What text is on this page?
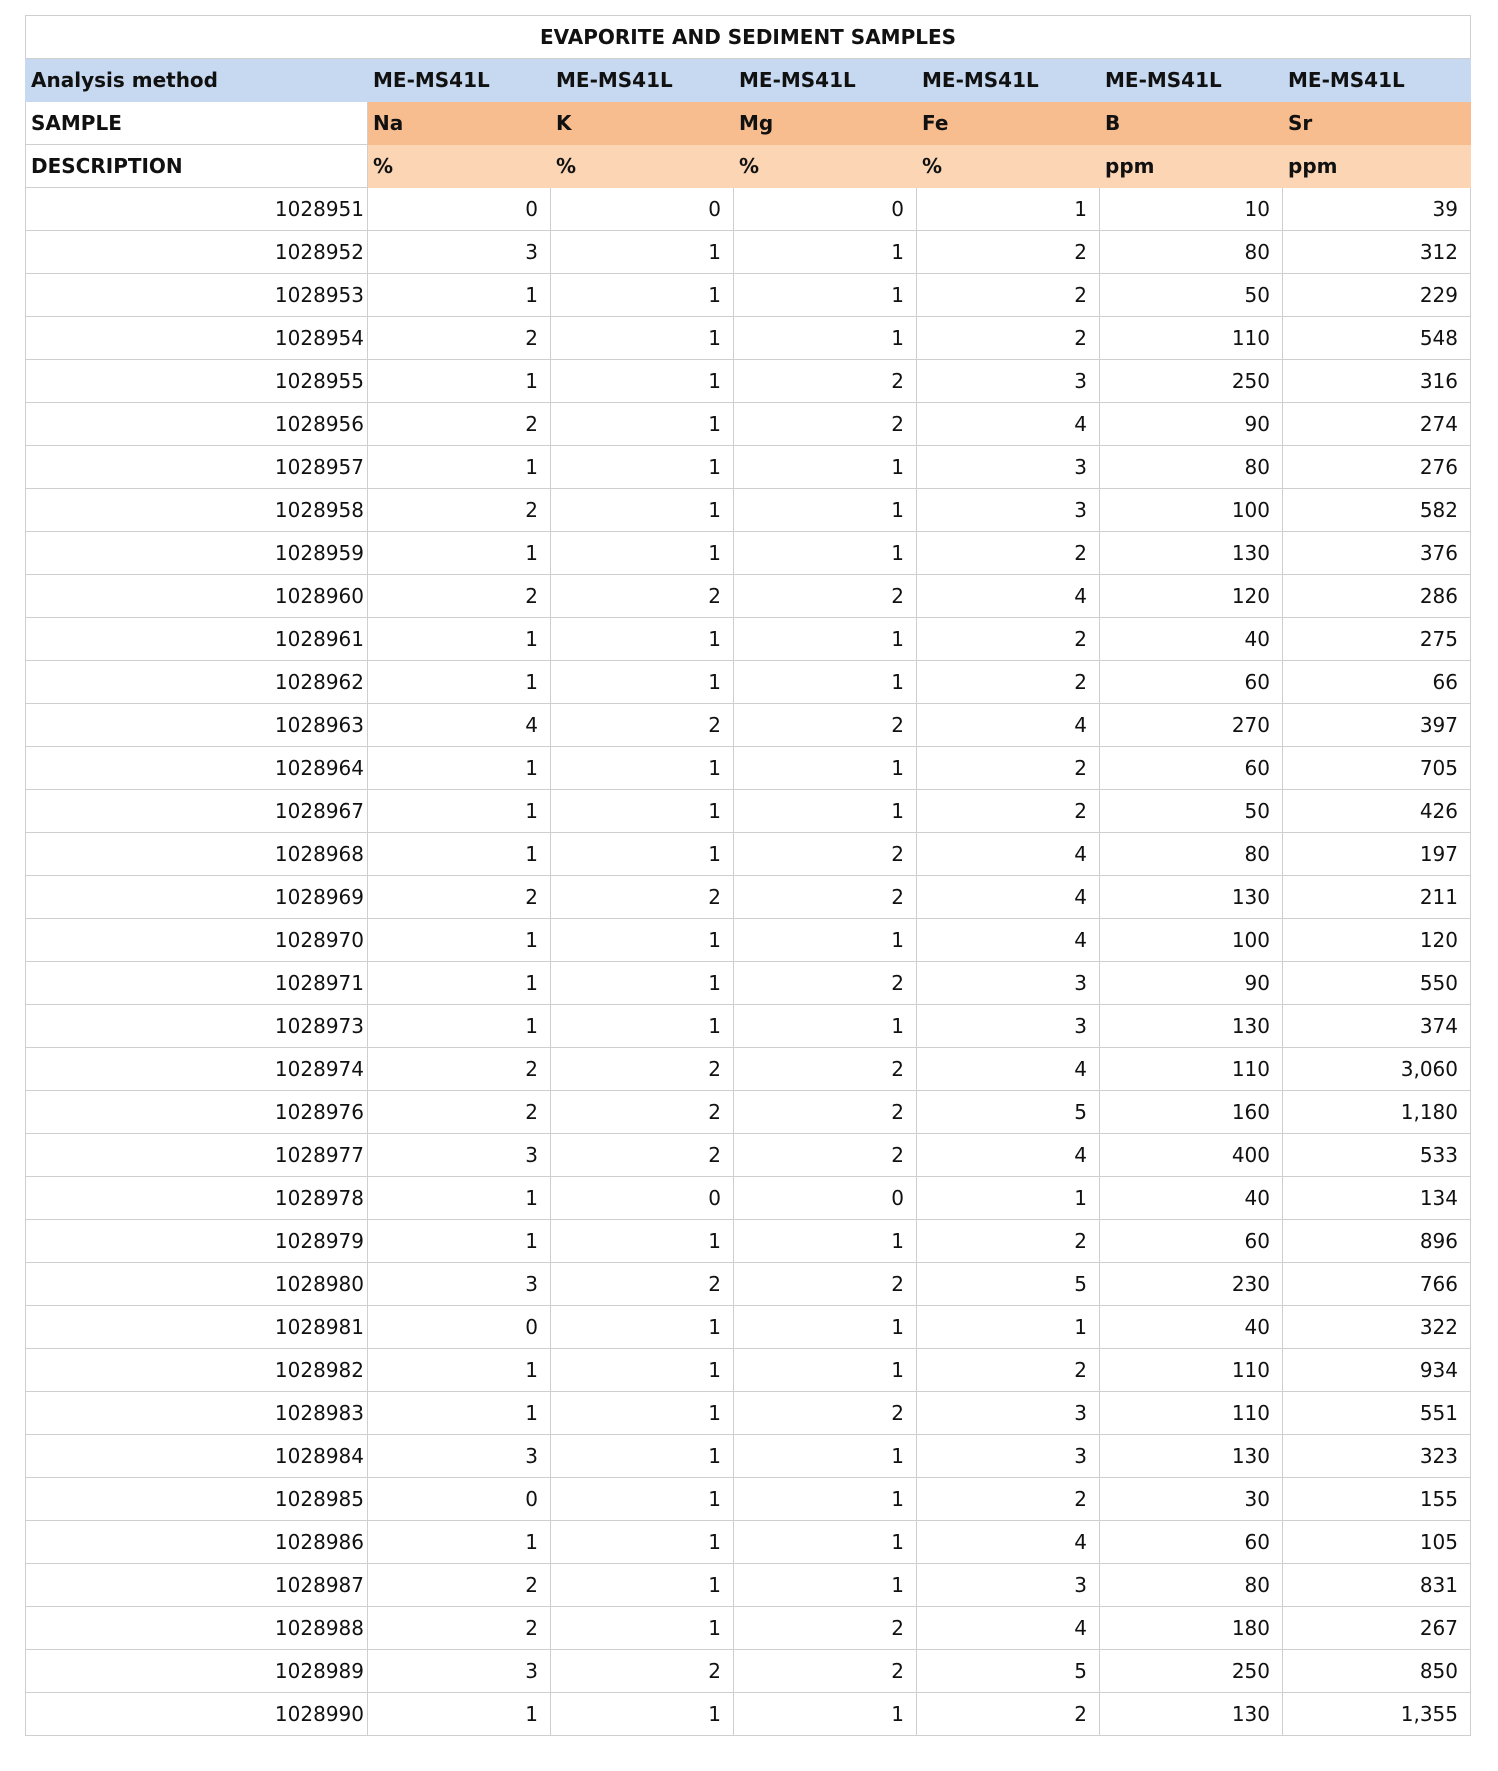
EVAPORITE AND SEDIMENT SAMPLES						
Analysis method	ME-MS41L	ME-MS41L	ME-MS41L	ME-MS41L	ME-MS41L	ME-MS41L
SAMPLE	Na	K	Mg	Fe	B	Sr
DESCRIPTION	%	%	%	%	ppm	ppm
1028951	0	0	0	1	10	39
1028952	3	1	1	2	80	312
1028953	1	1	1	2	50	229
1028954	2	1	1	2	110	548
1028955	1	1	2	3	250	316
1028956	2	1	2	4	90	274
1028957	1	1	1	3	80	276
1028958	2	1	1	3	100	582
1028959	1	1	1	2	130	376
1028960	2	2	2	4	120	286
1028961	1	1	1	2	40	275
1028962	1	1	1	2	60	66
1028963	4	2	2	4	270	397
1028964	1	1	1	2	60	705
1028967	1	1	1	2	50	426
1028968	1	1	2	4	80	197
1028969	2	2	2	4	130	211
1028970	1	1	1	4	100	120
1028971	1	1	2	3	90	550
1028973	1	1	1	3	130	374
1028974	2	2	2	4	110	3,060
1028976	2	2	2	5	160	1,180
1028977	3	2	2	4	400	533
1028978	1	0	0	1	40	134
1028979	1	1	1	2	60	896
1028980	3	2	2	5	230	766
1028981	0	1	1	1	40	322
1028982	1	1	1	2	110	934
1028983	1	1	2	3	110	551
1028984	3	1	1	3	130	323
1028985	0	1	1	2	30	155
1028986	1	1	1	4	60	105
1028987	2	1	1	3	80	831
1028988	2	1	2	4	180	267
1028989	3	2	2	5	250	850
1028990	1	1	1	2	130	1,355
